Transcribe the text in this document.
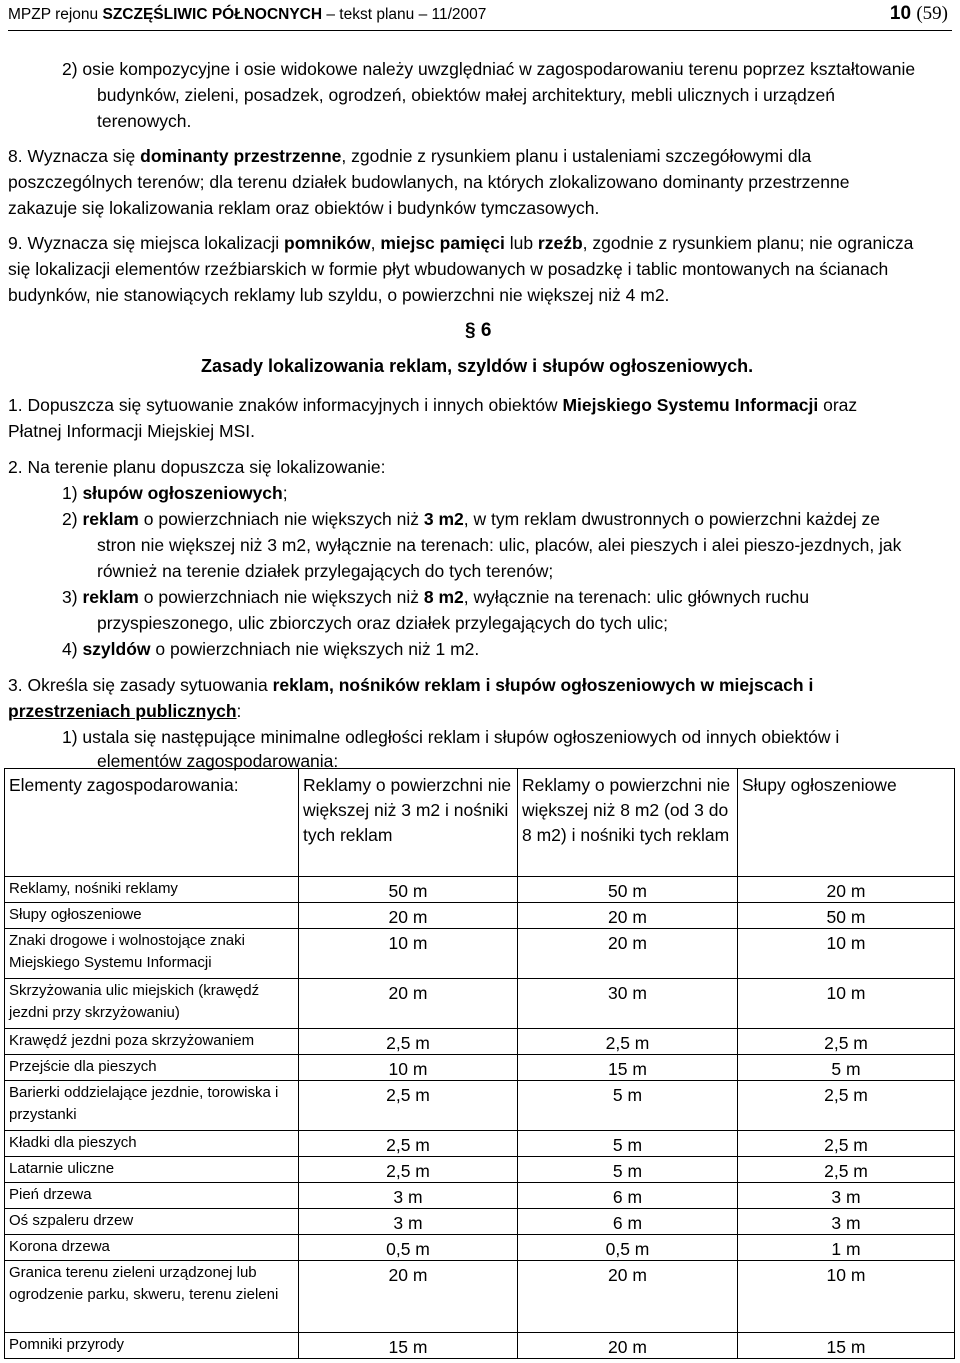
MPZP rejonu SZCZĘŚLIWIC PÓŁNOCNYCH – tekst planu – 11/2007	10 (59)
2) osie kompozycyjne i osie widokowe należy uwzględniać w zagospodarowaniu terenu poprzez kształtowanie
budynków, zieleni, posadzek, ogrodzeń, obiektów małej architektury, mebli ulicznych i urządzeń
terenowych.
8. Wyznacza się dominanty przestrzenne, zgodnie z rysunkiem planu i ustaleniami szczegółowymi dla
poszczególnych terenów; dla terenu działek budowlanych, na których zlokalizowano dominanty przestrzenne
zakazuje się lokalizowania reklam oraz obiektów i budynków tymczasowych.
9. Wyznacza się miejsca lokalizacji pomników, miejsc pamięci lub rzeźb, zgodnie z rysunkiem planu; nie ogranicza
się lokalizacji elementów rzeźbiarskich w formie płyt wbudowanych w posadzkę i tablic montowanych na ścianach
budynków, nie stanowiących reklamy lub szyldu, o powierzchni nie większej niż 4 m2.
1. Dopuszcza się sytuowanie znaków informacyjnych i innych obiektów Miejskiego Systemu Informacji oraz
Płatnej Informacji Miejskiej MSI.
2. Na terenie planu dopuszcza się lokalizowanie:
1) słupów ogłoszeniowych;
2) reklam o powierzchniach nie większych niż 3 m2, w tym reklam dwustronnych o powierzchni każdej ze
stron nie większej niż 3 m2, wyłącznie na terenach: ulic, placów, alei pieszych i alei pieszo-jezdnych, jak
również na terenie działek przylegających do tych terenów;
3) reklam o powierzchniach nie większych niż 8 m2, wyłącznie na terenach: ulic głównych ruchu
przyspieszonego, ulic zbiorczych oraz działek przylegających do tych ulic;
4) szyldów o powierzchniach nie większych niż 1 m2.
3. Określa się zasady sytuowania reklam, nośników reklam i słupów ogłoszeniowych w miejscach i
przestrzeniach publicznych:
1) ustala się następujące minimalne odległości reklam i słupów ogłoszeniowych od innych obiektów i
elementów zagospodarowania:
§ 6
Zasady lokalizowania reklam, szyldów i słupów ogłoszeniowych.
Elementy zagospodarowania:	Reklamy o powierzchni nie większej niż 3 m2 i nośniki tych reklam	Reklamy o powierzchni nie większej niż 8 m2 (od 3 do 8 m2) i nośniki tych reklam	Słupy ogłoszeniowe
Reklamy, nośniki reklamy	50 m	50 m	20 m
Słupy ogłoszeniowe	20 m	20 m	50 m
Znaki drogowe i wolnostojące znaki Miejskiego Systemu Informacji	10 m	20 m	10 m
Skrzyżowania ulic miejskich (krawędź jezdni przy skrzyżowaniu)	20 m	30 m	10 m
Krawędź jezdni poza skrzyżowaniem	2,5 m	2,5 m	2,5 m
Przejście dla pieszych	10 m	15 m	5 m
Barierki oddzielające jezdnie, torowiska i przystanki	2,5 m	5 m	2,5 m
Kładki dla pieszych	2,5 m	5 m	2,5 m
Latarnie uliczne	2,5 m	5 m	2,5 m
Pień drzewa	3 m	6 m	3 m
Oś szpaleru drzew	3 m	6 m	3 m
Korona drzewa	0,5 m	0,5 m	1 m
Granica terenu zieleni urządzonej lub ogrodzenie parku, skweru, terenu zieleni	20 m	20 m	10 m
Pomniki przyrody	15 m	20 m	15 m
